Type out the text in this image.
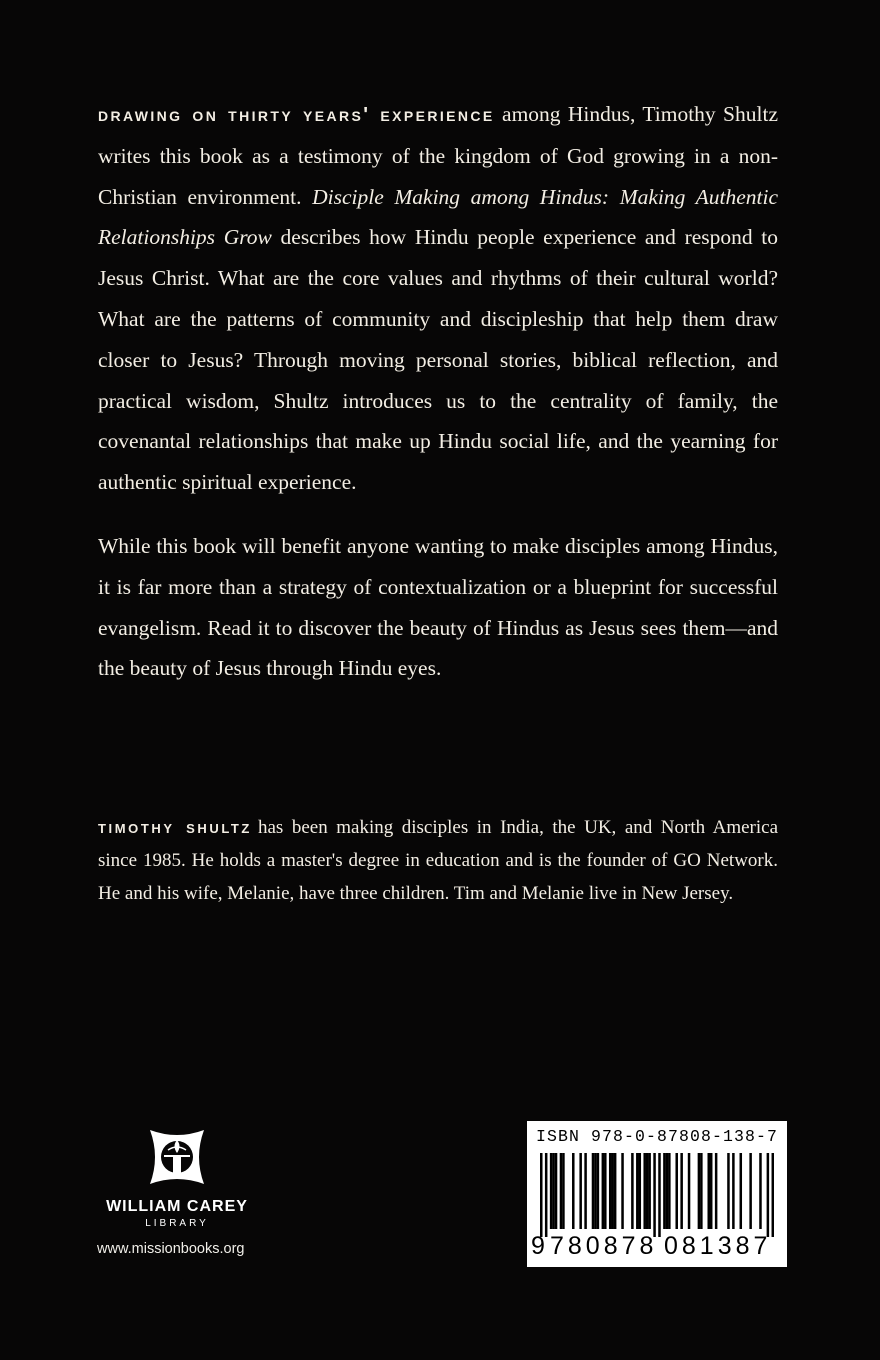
drawing on thirty years' experience among Hindus, Timothy Shultz writes this book as a testimony of the kingdom of God growing in a non-Christian environment. Disciple Making among Hindus: Making Authentic Relationships Grow describes how Hindu people experience and respond to Jesus Christ. What are the core values and rhythms of their cultural world? What are the patterns of community and discipleship that help them draw closer to Jesus? Through moving personal stories, biblical reflection, and practical wisdom, Shultz introduces us to the centrality of family, the covenantal relationships that make up Hindu social life, and the yearning for authentic spiritual experience.

While this book will benefit anyone wanting to make disciples among Hindus, it is far more than a strategy of contextualization or a blueprint for successful evangelism. Read it to discover the beauty of Hindus as Jesus sees them—and the beauty of Jesus through Hindu eyes.

timothy shultz has been making disciples in India, the UK, and North America since 1985. He holds a master's degree in education and is the founder of GO Network. He and his wife, Melanie, have three children. Tim and Melanie live in New Jersey.

WILLIAM CAREY
LIBRARY
www.missionbooks.org
ISBN 978-0-87808-138-7
9 780878 081387
